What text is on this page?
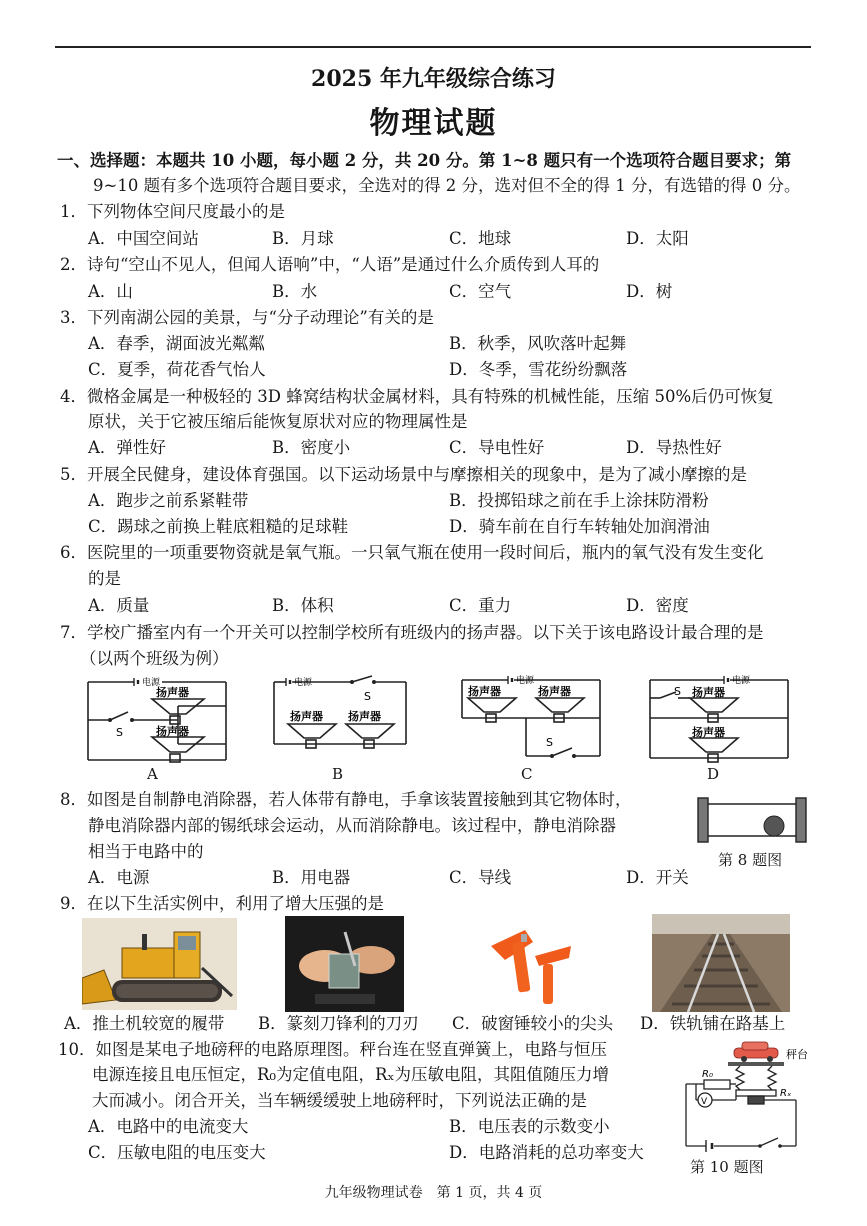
2025 年九年级综合练习
物理试题
一、选择题：本题共 10 小题，每小题 2 分，共 20 分。第 1~8 题只有一个选项符合题目要求；第
9~10 题有多个选项符合题目要求，全选对的得 2 分，选对但不全的得 1 分，有选错的得 0 分。
1．下列物体空间尺度最小的是
A．中国空间站	B．月球	C．地球	D．太阳
2．诗句“空山不见人，但闻人语响”中，“人语”是通过什么介质传到人耳的
A．山	B．水	C．空气	D．树
3．下列南湖公园的美景，与“分子动理论”有关的是
A．春季，湖面波光粼粼	B．秋季，风吹落叶起舞
C．夏季，荷花香气怡人	D．冬季，雪花纷纷飘落
4．微格金属是一种极轻的 3D 蜂窝结构状金属材料，具有特殊的机械性能，压缩 50%后仍可恢复
原状，关于它被压缩后能恢复原状对应的物理属性是
A．弹性好	B．密度小	C．导电性好	D．导热性好
5．开展全民健身，建设体育强国。以下运动场景中与摩擦相关的现象中，是为了减小摩擦的是
A．跑步之前系紧鞋带	B．投掷铅球之前在手上涂抹防滑粉
C．踢球之前换上鞋底粗糙的足球鞋	D．骑车前在自行车转轴处加润滑油
6．医院里的一项重要物资就是氧气瓶。一只氧气瓶在使用一段时间后，瓶内的氧气没有发生变化
的是
A．质量	B．体积	C．重力	D．密度
7．学校广播室内有一个开关可以控制学校所有班级内的扬声器。以下关于该电路设计最合理的是
（以两个班级为例）
电源
扬声器
扬声器
S
A
电源
S
扬声器 扬声器
B
电源
扬声器	扬声器
S
C
电源
S 扬声器
扬声器
D
8．如图是自制静电消除器，若人体带有静电，手拿该装置接触到其它物体时，
静电消除器内部的锡纸球会运动，从而消除静电。该过程中，静电消除器
相当于电路中的
A．电源	B．用电器	C．导线	D．开关
第 8 题图
9．在以下生活实例中，利用了增大压强的是
A．推土机较宽的履带 B．篆刻刀锋利的刀刃 C．破窗锤较小的尖头 D．铁轨铺在路基上
10．如图是某电子地磅秤的电路原理图。秤台连在竖直弹簧上，电路与恒压
电源连接且电压恒定，R₀为定值电阻，Rₓ为压敏电阻，其阻值随压力增
大而减小。闭合开关，当车辆缓缓驶上地磅秤时，下列说法正确的是
A．电路中的电流变大	B．电压表的示数变小
C．压敏电阻的电压变大	D．电路消耗的总功率变大
秤台
R₀
Rₓ
V
第 10 题图
九年级物理试卷　第 1 页，共 4 页
